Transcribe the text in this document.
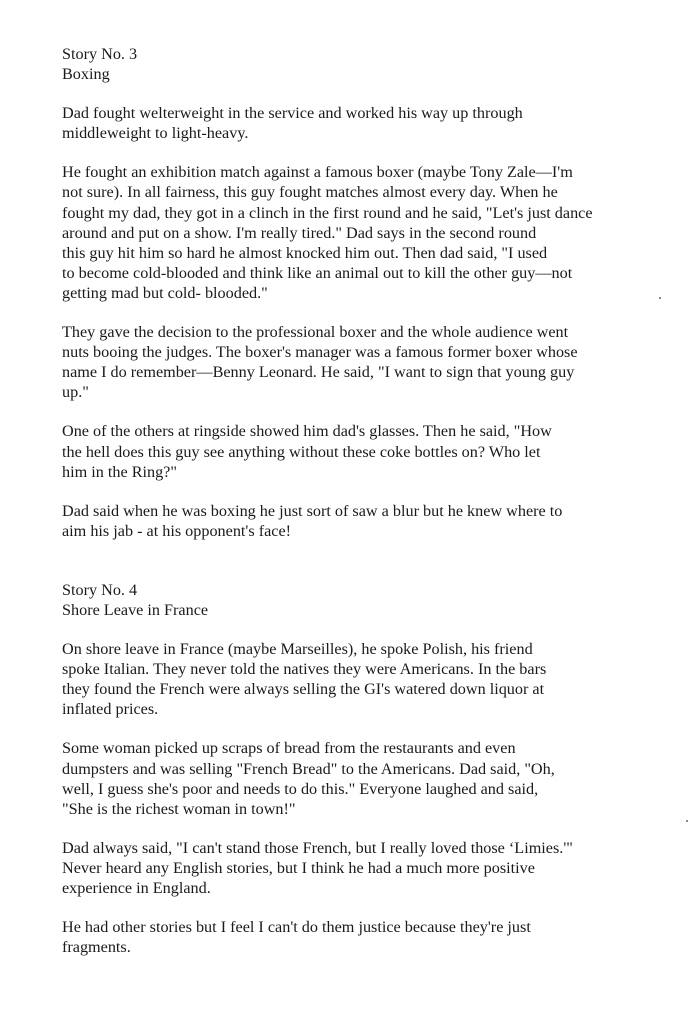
Story No. 3
Boxing
Dad fought welterweight in the service and worked his way up through
middleweight to light-heavy.
He fought an exhibition match against a famous boxer (maybe Tony Zale—I'm
not sure). In all fairness, this guy fought matches almost every day. When he
fought my dad, they got in a clinch in the first round and he said, "Let's just dance
around and put on a show. I'm really tired." Dad says in the second round
this guy hit him so hard he almost knocked him out. Then dad said, "I used
to become cold-blooded and think like an animal out to kill the other guy—not
getting mad but cold- blooded."
They gave the decision to the professional boxer and the whole audience went
nuts booing the judges. The boxer's manager was a famous former boxer whose
name I do remember—Benny Leonard. He said, "I want to sign that young guy
up."
One of the others at ringside showed him dad's glasses. Then he said, "How
the hell does this guy see anything without these coke bottles on? Who let
him in the Ring?"
Dad said when he was boxing he just sort of saw a blur but he knew where to
aim his jab - at his opponent's face!
Story No. 4
Shore Leave in France
On shore leave in France (maybe Marseilles), he spoke Polish, his friend
spoke Italian. They never told the natives they were Americans. In the bars
they found the French were always selling the GI's watered down liquor at
inflated prices.
Some woman picked up scraps of bread from the restaurants and even
dumpsters and was selling "French Bread" to the Americans. Dad said, "Oh,
well, I guess she's poor and needs to do this." Everyone laughed and said,
"She is the richest woman in town!"
Dad always said, "I can't stand those French, but I really loved those ‘Limies.'"
Never heard any English stories, but I think he had a much more positive
experience in England.
He had other stories but I feel I can't do them justice because they're just
fragments.
